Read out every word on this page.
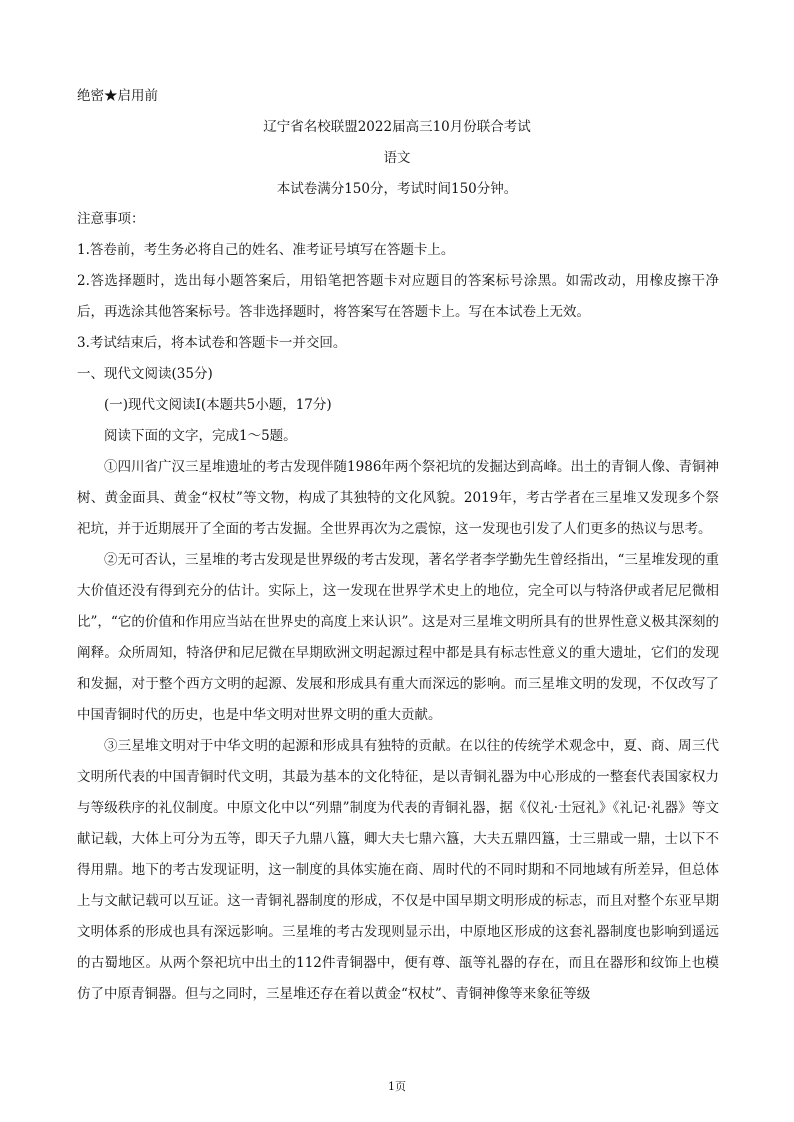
绝密★启用前
辽宁省名校联盟2022届高三10月份联合考试
语文
本试卷满分150分，考试时间150分钟。
注意事项：
1.答卷前，考生务必将自己的姓名、准考证号填写在答题卡上。

2.答选择题时，选出每小题答案后，用铅笔把答题卡对应题目的答案标号涂黑。如需改动，用橡皮擦干净后，再选涂其他答案标号。答非选择题时，将答案写在答题卡上。写在本试卷上无效。

3.考试结束后，将本试卷和答题卡一并交回。
一、现代文阅读(35分)
(一)现代文阅读Ⅰ(本题共5小题，17分)
阅读下面的文字，完成1～5题。

①四川省广汉三星堆遗址的考古发现伴随1986年两个祭祀坑的发掘达到高峰。出土的青铜人像、青铜神树、黄金面具、黄金“权杖”等文物，构成了其独特的文化风貌。2019年，考古学者在三星堆又发现多个祭祀坑，并于近期展开了全面的考古发掘。全世界再次为之震惊，这一发现也引发了人们更多的热议与思考。

②无可否认，三星堆的考古发现是世界级的考古发现，著名学者李学勤先生曾经指出，“三星堆发现的重大价值还没有得到充分的估计。实际上，这一发现在世界学术史上的地位，完全可以与特洛伊或者尼尼微相比”，“它的价值和作用应当站在世界史的高度上来认识”。这是对三星堆文明所具有的世界性意义极其深刻的阐释。众所周知，特洛伊和尼尼微在早期欧洲文明起源过程中都是具有标志性意义的重大遗址，它们的发现和发掘，对于整个西方文明的起源、发展和形成具有重大而深远的影响。而三星堆文明的发现，不仅改写了中国青铜时代的历史，也是中华文明对世界文明的重大贡献。

③三星堆文明对于中华文明的起源和形成具有独特的贡献。在以往的传统学术观念中，夏、商、周三代文明所代表的中国青铜时代文明，其最为基本的文化特征，是以青铜礼器为中心形成的一整套代表国家权力与等级秩序的礼仪制度。中原文化中以“列鼎”制度为代表的青铜礼器，据《仪礼·士冠礼》《礼记·礼器》等文献记载，大体上可分为五等，即天子九鼎八簋，卿大夫七鼎六簋，大夫五鼎四簋，士三鼎或一鼎，士以下不得用鼎。地下的考古发现证明，这一制度的具体实施在商、周时代的不同时期和不同地域有所差异，但总体上与文献记载可以互证。这一青铜礼器制度的形成，不仅是中国早期文明形成的标志，而且对整个东亚早期文明体系的形成也具有深远影响。三星堆的考古发现则显示出，中原地区形成的这套礼器制度也影响到遥远的古蜀地区。从两个祭祀坑中出土的112件青铜器中，便有尊、瓿等礼器的存在，而且在器形和纹饰上也模仿了中原青铜器。但与之同时，三星堆还存在着以黄金“权杖”、青铜神像等来象征等级

1页
